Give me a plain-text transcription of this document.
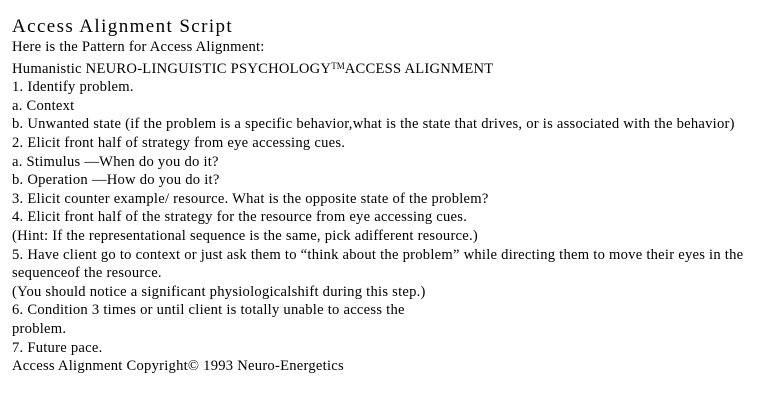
Access Alignment Script
Here is the Pattern for Access Alignment:
Humanistic NEURO-LINGUISTIC PSYCHOLOGY™ACCESS ALIGNMENT
1. Identify problem.
a. Context
b. Unwanted state (if the problem is a specific behavior,what is the state that drives, or is associated with the behavior)
2. Elicit front half of strategy from eye accessing cues.
a. Stimulus —When do you do it?
b. Operation —How do you do it?
3. Elicit counter example/ resource. What is the opposite state of the problem?
4. Elicit front half of the strategy for the resource from eye accessing cues.
(Hint: If the representational sequence is the same, pick adifferent resource.)
5. Have client go to context or just ask them to “think about the problem” while directing them to move their eyes in the
sequenceof the resource.
(You should notice a significant physiologicalshift during this step.)
6. Condition 3 times or until client is totally unable to access the
problem.
7. Future pace.
Access Alignment Copyright© 1993 Neuro-Energetics
